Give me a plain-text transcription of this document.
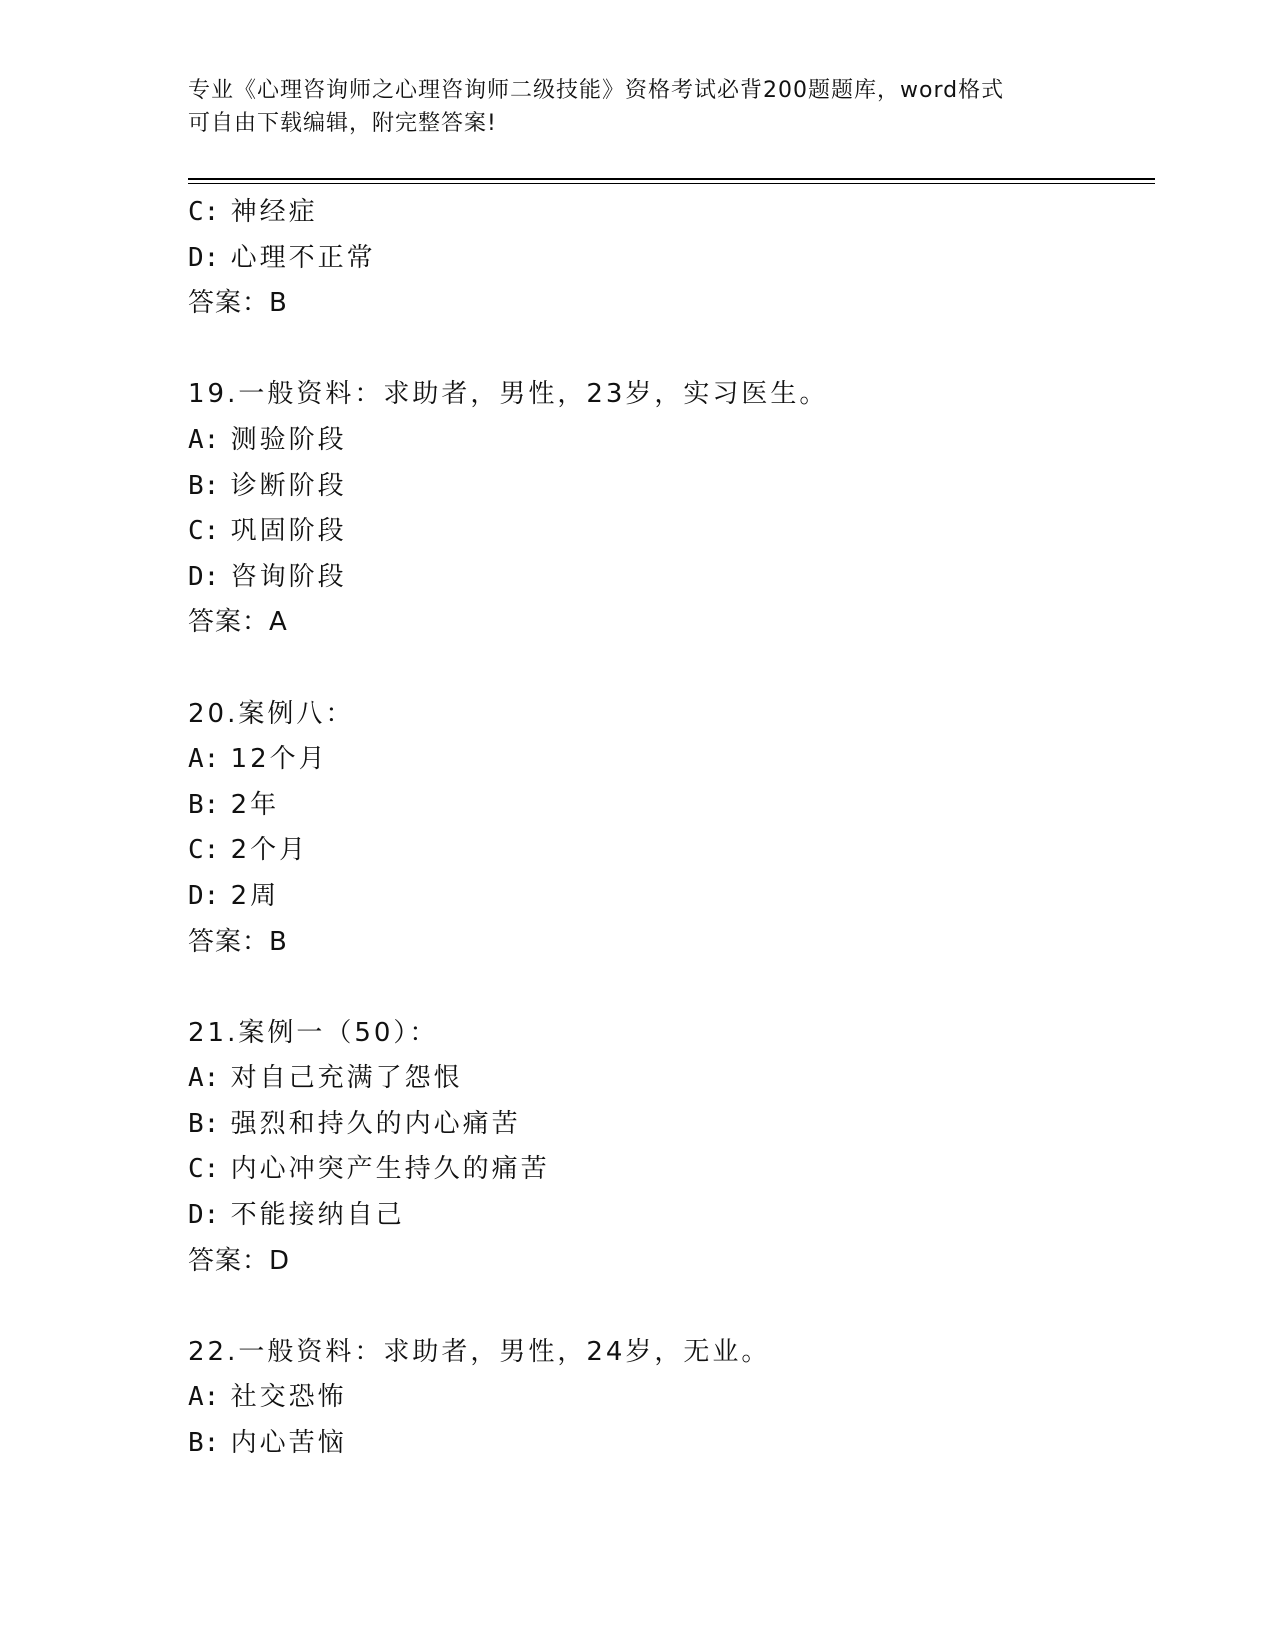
专业《心理咨询师之心理咨询师二级技能》资格考试必背200题题库，word格式
可自由下载编辑，附完整答案!
C: 神经症
D: 心理不正常
答案：B
19.一般资料：求助者，男性，23岁，实习医生。
A: 测验阶段
B: 诊断阶段
C: 巩固阶段
D: 咨询阶段
答案：A
20.案例八：
A: 12个月
B: 2年
C: 2个月
D: 2周
答案：B
21.案例一（50）：
A: 对自己充满了怨恨
B: 强烈和持久的内心痛苦
C: 内心冲突产生持久的痛苦
D: 不能接纳自己
答案：D
22.一般资料：求助者，男性，24岁，无业。
A: 社交恐怖
B: 内心苦恼
